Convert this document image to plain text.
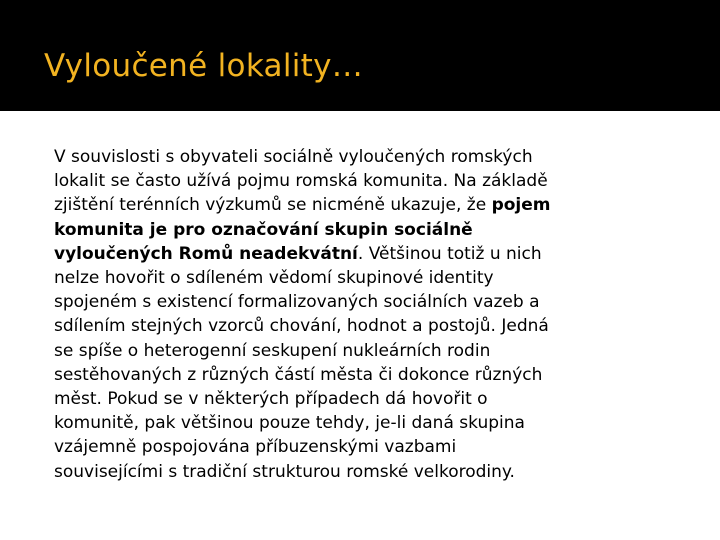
Vyloučené lokality…

V souvislosti s obyvateli sociálně vyloučených romských
lokalit se často užívá pojmu romská komunita. Na základě
zjištění terénních výzkumů se nicméně ukazuje, že pojem
komunita je pro označování skupin sociálně
vyloučených Romů neadekvátní. Většinou totiž u nich
nelze hovořit o sdíleném vědomí skupinové identity
spojeném s existencí formalizovaných sociálních vazeb a
sdílením stejných vzorců chování, hodnot a postojů. Jedná
se spíše o heterogenní seskupení nukleárních rodin
sestěhovaných z různých částí města či dokonce různých
měst. Pokud se v některých případech dá hovořit o
komunitě, pak většinou pouze tehdy, je-li daná skupina
vzájemně pospojována příbuzenskými vazbami
souvisejícími s tradiční strukturou romské velkorodiny.
